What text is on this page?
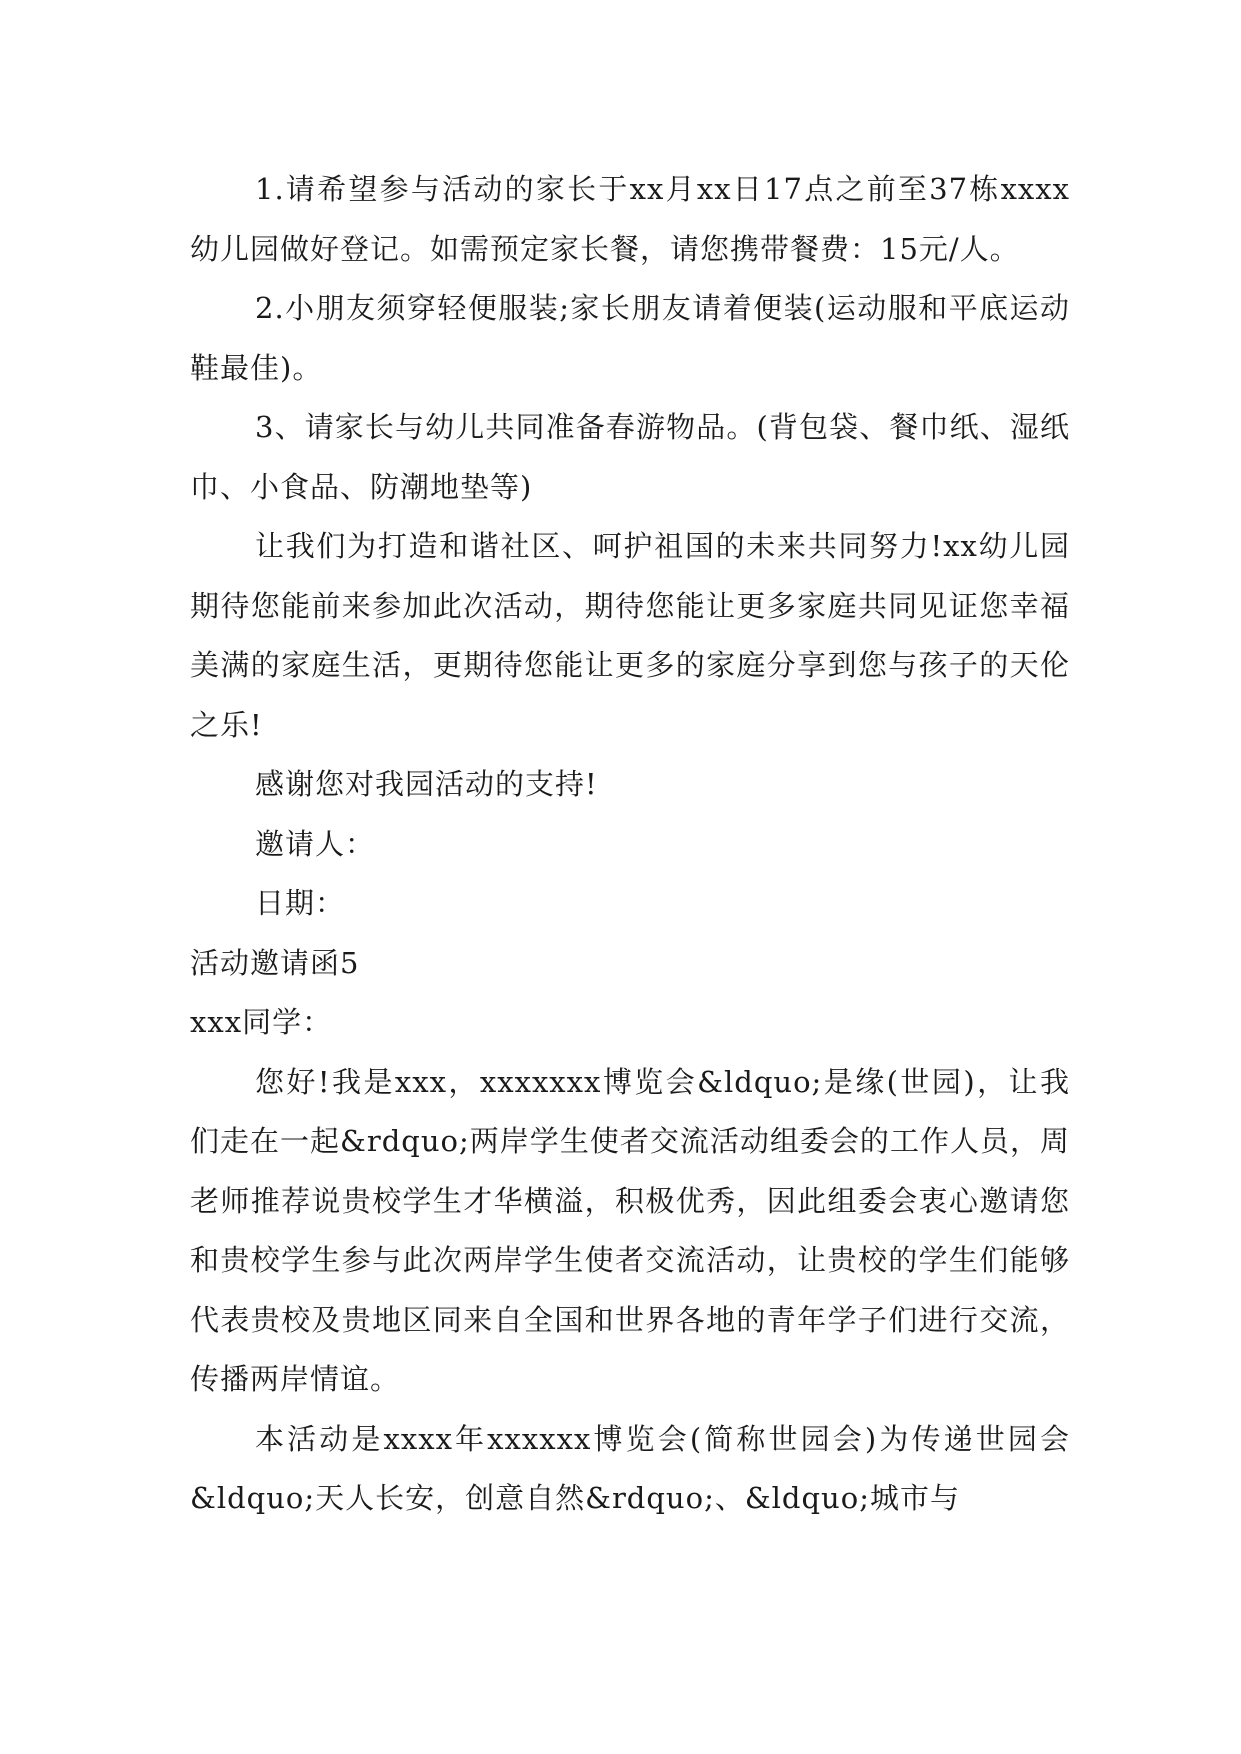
1.请希望参与活动的家长于xx月xx日17点之前至37栋xxxx幼儿园做好登记。如需预定家长餐，请您携带餐费：15元/人。

2.小朋友须穿轻便服装;家长朋友请着便装(运动服和平底运动鞋最佳)。

3、请家长与幼儿共同准备春游物品。(背包袋、餐巾纸、湿纸巾、小食品、防潮地垫等)

让我们为打造和谐社区、呵护祖国的未来共同努力!xx幼儿园期待您能前来参加此次活动，期待您能让更多家庭共同见证您幸福美满的家庭生活，更期待您能让更多的家庭分享到您与孩子的天伦之乐!

感谢您对我园活动的支持!

邀请人：

日期：

活动邀请函5

xxx同学：

您好!我是xxx，xxxxxxx博览会&ldquo;是缘(世园)，让我们走在一起&rdquo;两岸学生使者交流活动组委会的工作人员，周老师推荐说贵校学生才华横溢，积极优秀，因此组委会衷心邀请您和贵校学生参与此次两岸学生使者交流活动，让贵校的学生们能够代表贵校及贵地区同来自全国和世界各地的青年学子们进行交流，传播两岸情谊。

本活动是xxxx年xxxxxx博览会(简称世园会)为传递世园会&ldquo;天人长安，创意自然&rdquo;、&ldquo;城市与
